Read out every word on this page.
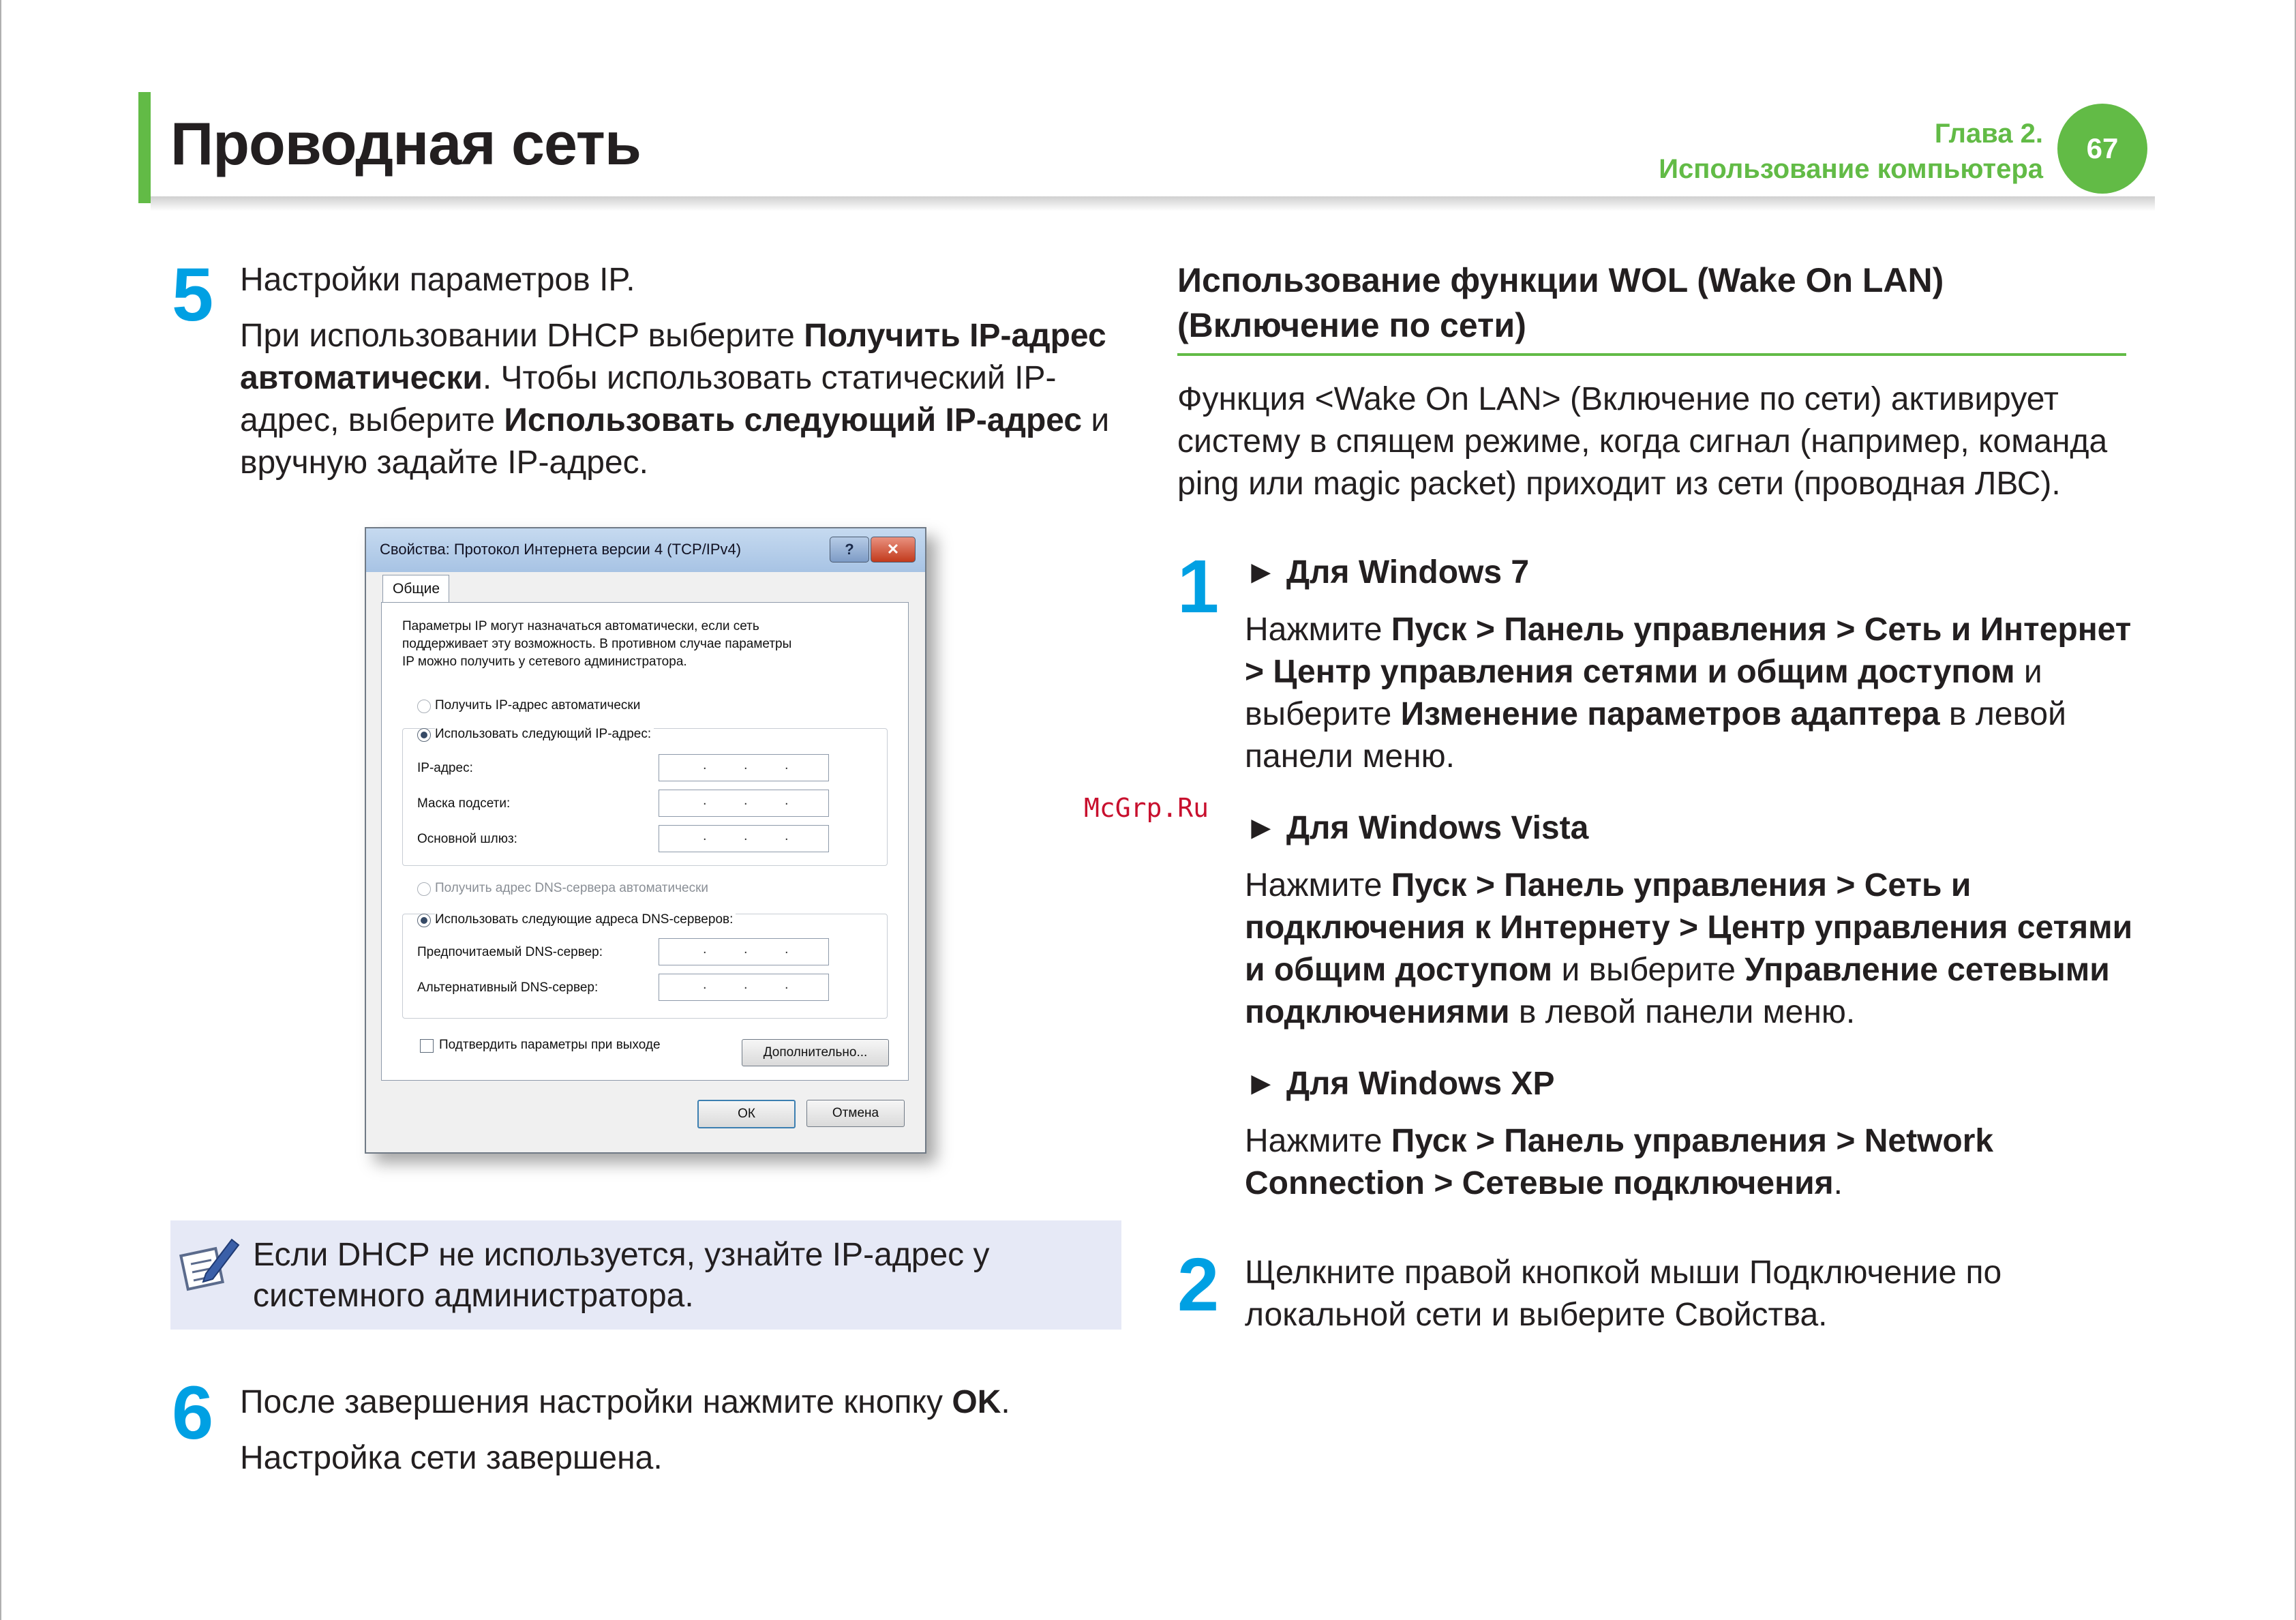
Проводная сеть	Глава 2.
Использование компьютера
67
5 Настройки параметров IP.
При использовании DHCP выберите Получить IP-адрес автоматически. Чтобы использовать статический IP-адрес, выберите Использовать следующий IP-адрес и вручную задайте IP-адрес.
Свойства: Протокол Интернета версии 4 (TCP/IPv4)	?	✕
Общие
Параметры IP могут назначаться автоматически, если сеть
поддерживает эту возможность. В противном случае параметры
IP можно получить у сетевого администратора.
Получить IP-адрес автоматически
Использовать следующий IP-адрес:
IP-адрес:	.	.	.
Маска подсети:	.	.	.
Основной шлюз:	.	.	.
Получить адрес DNS-сервера автоматически
Использовать следующие адреса DNS-серверов:
Предпочитаемый DNS-сервер:	.	.	.
Альтернативный DNS-сервер:	.	.	.
Подтвердить параметры при выходе
Дополнительно...
ОК	Отмена
Если DHCP не используется, узнайте IP-адрес у системного администратора.
6 После завершения настройки нажмите кнопку OK.
Настройка сети завершена.
Использование функции WOL (Wake On LAN) (Включение по сети)
Функция <Wake On LAN> (Включение по сети) активирует систему в спящем режиме, когда сигнал (например, команда ping или magic packet) приходит из сети (проводная ЛВС).
1 ► Для Windows 7
Нажмите Пуск > Панель управления > Сеть и Интернет > Центр управления сетями и общим доступом и выберите Изменение параметров адаптера в левой панели меню.
► Для Windows Vista
Нажмите Пуск > Панель управления > Сеть и подключения к Интернету > Центр управления сетями и общим доступом и выберите Управление сетевыми подключениями в левой панели меню.
► Для Windows XP
Нажмите Пуск > Панель управления > Network Connection > Сетевые подключения.
2 Щелкните правой кнопкой мыши Подключение по локальной сети и выберите Свойства.
McGrp.Ru
